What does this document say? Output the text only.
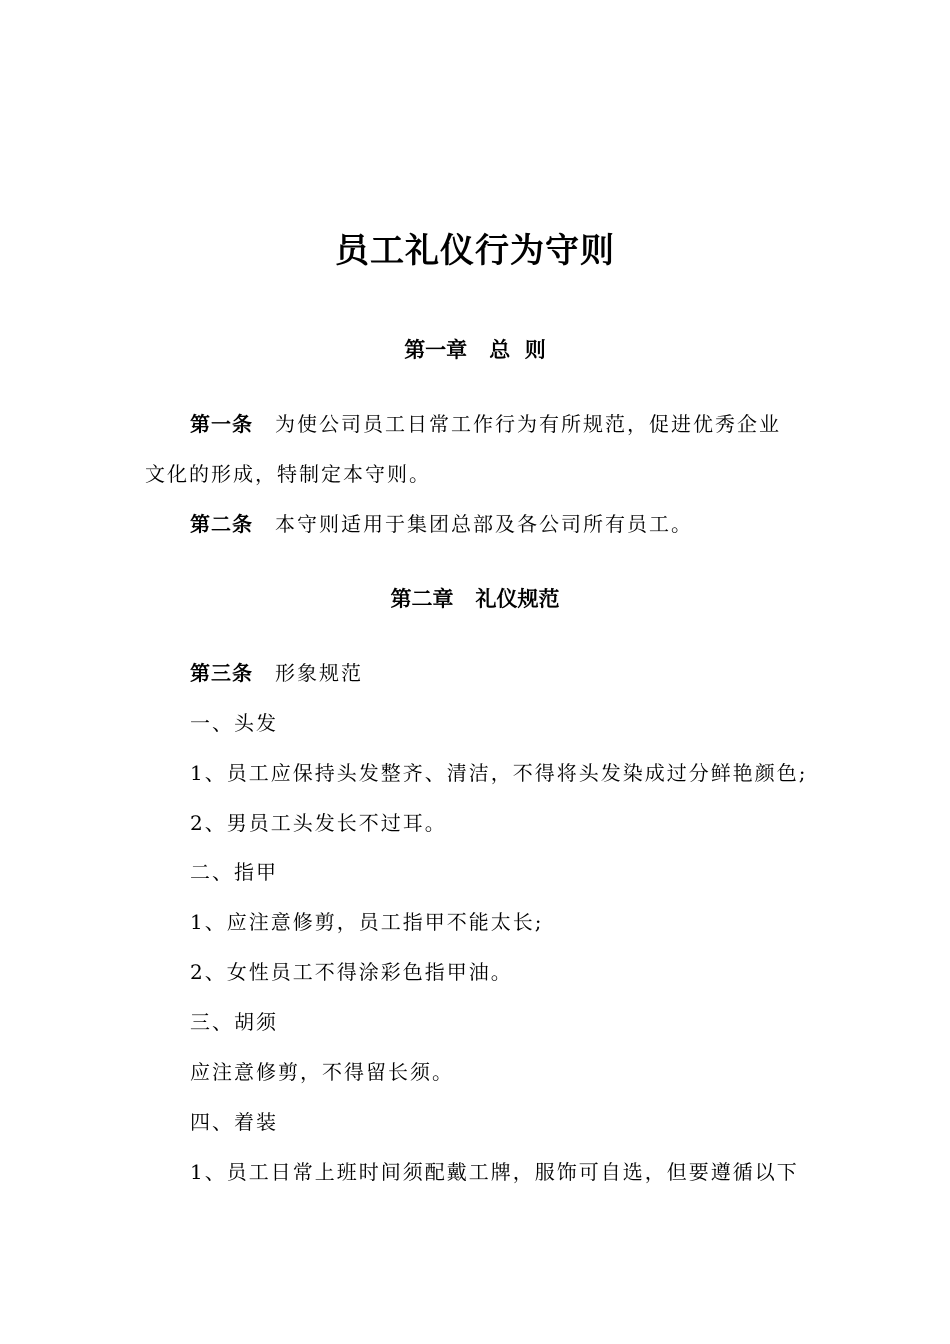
员工礼仪行为守则
第一章 总  则
第一条 为使公司员工日常工作行为有所规范，促进优秀企业
文化的形成，特制定本守则。
第二条 本守则适用于集团总部及各公司所有员工。
第二章 礼仪规范
第三条 形象规范
一、头发
1、员工应保持头发整齐、清洁，不得将头发染成过分鲜艳颜色;
2、男员工头发长不过耳。
二、指甲
1、应注意修剪，员工指甲不能太长;
2、女性员工不得涂彩色指甲油。
三、胡须
应注意修剪，不得留长须。
四、着装
1、员工日常上班时间须配戴工牌，服饰可自选，但要遵循以下
